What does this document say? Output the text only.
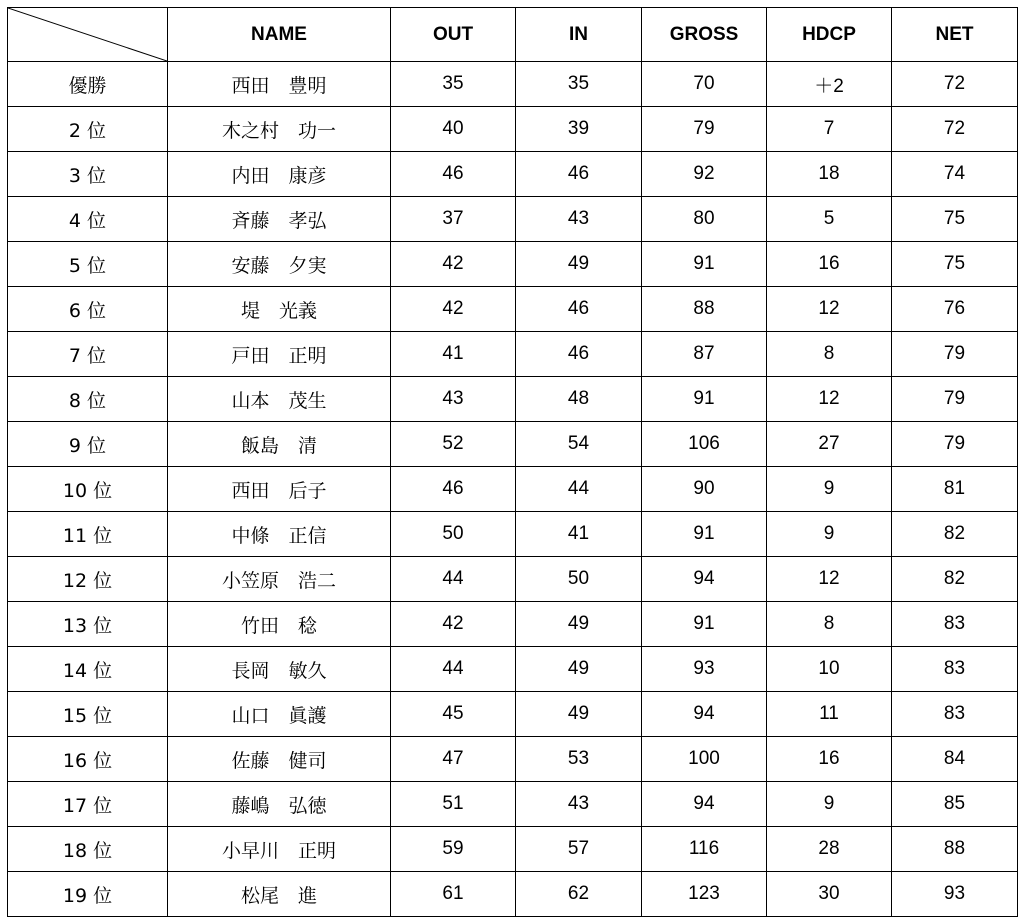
	NAME	OUT	IN	GROSS	HDCP	NET
優勝	西田　豊明	35	35	70	＋2	72
2 位	木之村　功一	40	39	79	7	72
3 位	内田　康彦	46	46	92	18	74
4 位	斉藤　孝弘	37	43	80	5	75
5 位	安藤　夕実	42	49	91	16	75
6 位	堤　光義	42	46	88	12	76
7 位	戸田　正明	41	46	87	8	79
8 位	山本　茂生	43	48	91	12	79
9 位	飯島　清	52	54	106	27	79
10 位	西田　后子	46	44	90	9	81
11 位	中條　正信	50	41	91	9	82
12 位	小笠原　浩二	44	50	94	12	82
13 位	竹田　稔	42	49	91	8	83
14 位	長岡　敏久	44	49	93	10	83
15 位	山口　眞護	45	49	94	11	83
16 位	佐藤　健司	47	53	100	16	84
17 位	藤嶋　弘徳	51	43	94	9	85
18 位	小早川　正明	59	57	116	28	88
19 位	松尾　進	61	62	123	30	93
